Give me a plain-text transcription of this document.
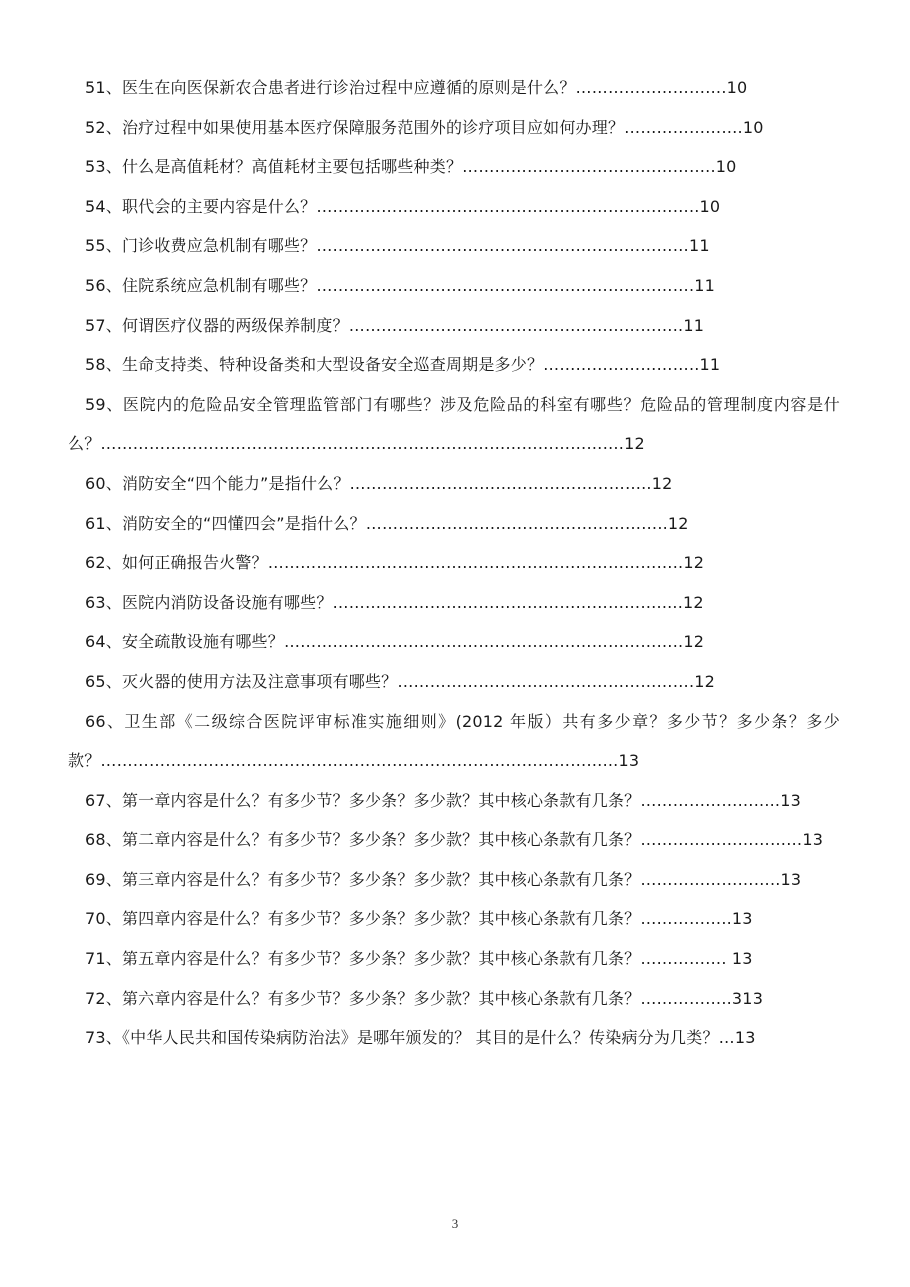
51、医生在向医保新农合患者进行诊治过程中应遵循的原则是什么？……………………….10
52、治疗过程中如果使用基本医疗保障服务范围外的诊疗项目应如何办理？………………….10
53、什么是高值耗材？高值耗材主要包括哪些种类？………………………………………..10
54、职代会的主要内容是什么？……………………………………………………………..10
55、门诊收费应急机制有哪些？……………………………………………………………11
56、住院系统应急机制有哪些？…………………………………………………………….11
57、何谓医疗仪器的两级保养制度？……………………………………………………..11
58、生命支持类、特种设备类和大型设备安全巡查周期是多少？………………………..11
59、医院内的危险品安全管理监管部门有哪些？涉及危险品的科室有哪些？危险品的管理制度内容是什么？…………………………………………………………………………………….12
60、消防安全“四个能力”是指什么？………………………………………………..12
61、消防安全的“四懂四会”是指什么？………………………………………………..12
62、如何正确报告火警？…………………………………………………………………..12
63、医院内消防设备设施有哪些？…………………………………………………….....12
64、安全疏散设施有哪些？………………………………………………………………..12
65、灭火器的使用方法及注意事项有哪些？……………………………………………….12
66、卫生部《二级综合医院评审标准实施细则》(2012 年版）共有多少章？多少节？多少条？多少款？…………………………………………………………………………………...13
67、第一章内容是什么？有多少节？多少条？多少款？其中核心条款有几条？………………….....13
68、第二章内容是什么？有多少节？多少条？多少款？其中核心条款有几条？…………………………13
69、第三章内容是什么？有多少节？多少条？多少款？其中核心条款有几条？……………………..13
70、第四章内容是什么？有多少节？多少条？多少款？其中核心条款有几条？……………..13
71、第五章内容是什么？有多少节？多少条？多少款？其中核心条款有几条？……………. 13
72、第六章内容是什么？有多少节？多少条？多少款？其中核心条款有几条？……………..313
73、《中华人民共和国传染病防治法》是哪年颁发的？ 其目的是什么？传染病分为几类？…13
3
